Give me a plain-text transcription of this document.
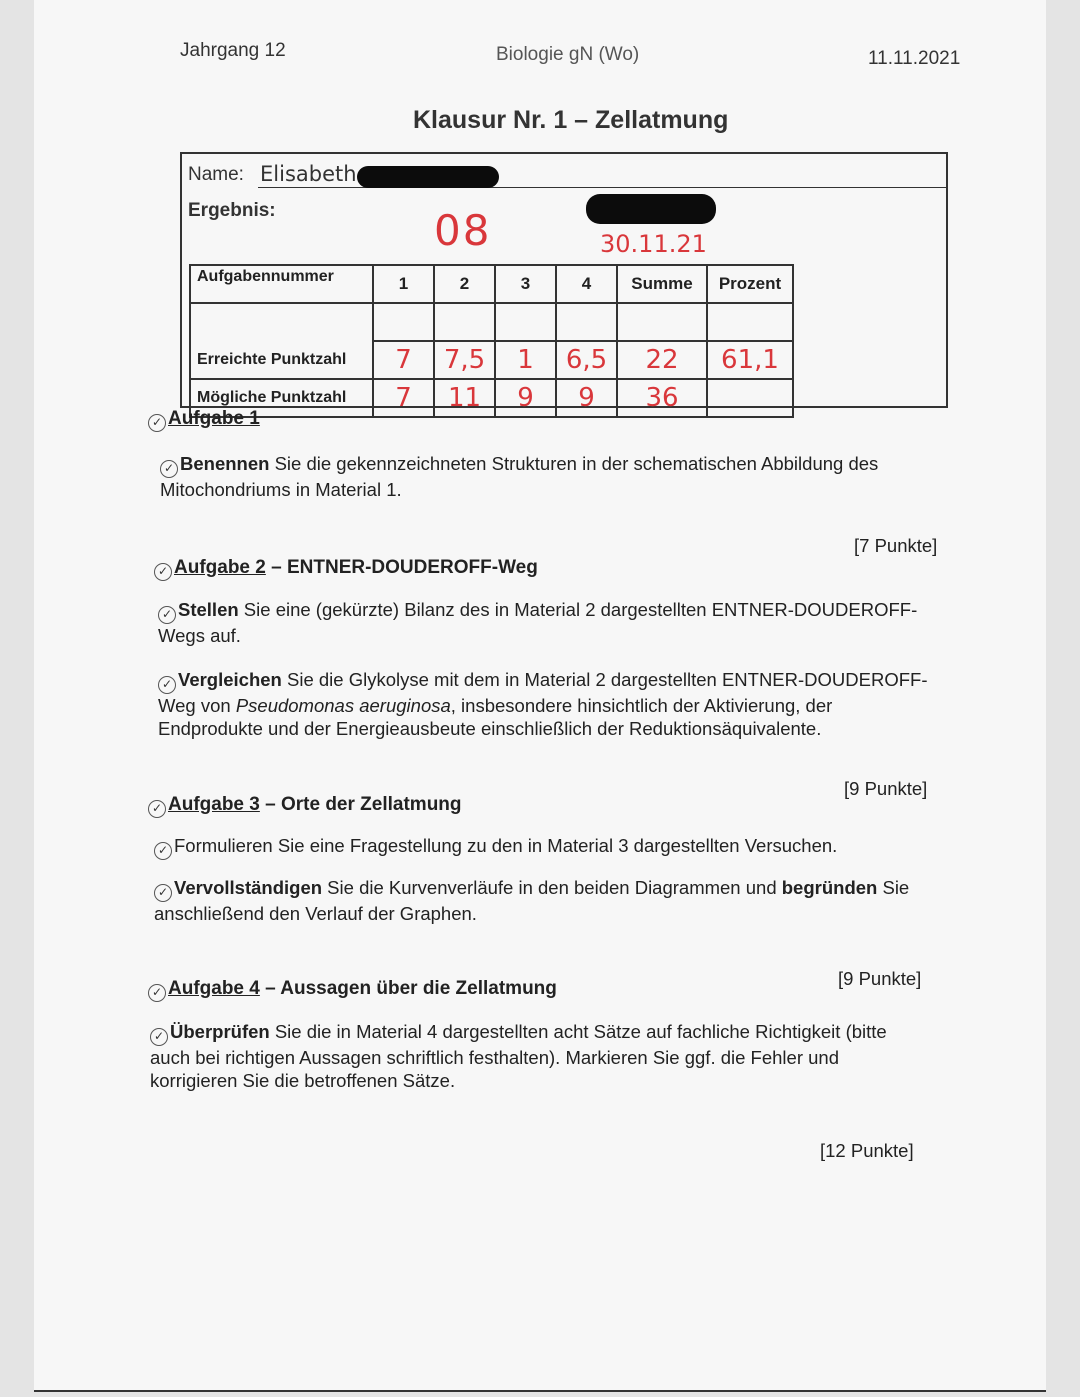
Jahrgang 12	Biologie gN (Wo)	11.11.2021
Klausur Nr. 1 – Zellatmung
Name: Elisabeth
Ergebnis:	08	30.11.21
Aufgabennummer	1	2	3	4	Summe	Prozent

Erreichte Punktzahl	7	7,5	1	6,5	22	61,1
Mögliche Punktzahl	7	11	9	9	36	
✓ Aufgabe 1
✓ Benennen Sie die gekennzeichneten Strukturen in der schematischen Abbildung des Mitochondriums in Material 1.
[7 Punkte]
✓ Aufgabe 2 – ENTNER-DOUDEROFF-Weg
✓ Stellen Sie eine (gekürzte) Bilanz des in Material 2 dargestellten ENTNER-DOUDEROFF-Wegs auf.
✓ Vergleichen Sie die Glykolyse mit dem in Material 2 dargestellten ENTNER-DOUDEROFF-Weg von Pseudomonas aeruginosa, insbesondere hinsichtlich der Aktivierung, der Endprodukte und der Energieausbeute einschließlich der Reduktionsäquivalente.
[9 Punkte]
✓ Aufgabe 3 – Orte der Zellatmung
✓ Formulieren Sie eine Fragestellung zu den in Material 3 dargestellten Versuchen.
✓ Vervollständigen Sie die Kurvenverläufe in den beiden Diagrammen und begründen Sie anschließend den Verlauf der Graphen.
[9 Punkte]
✓ Aufgabe 4 – Aussagen über die Zellatmung
✓ Überprüfen Sie die in Material 4 dargestellten acht Sätze auf fachliche Richtigkeit (bitte auch bei richtigen Aussagen schriftlich festhalten). Markieren Sie ggf. die Fehler und korrigieren Sie die betroffenen Sätze.
[12 Punkte]
